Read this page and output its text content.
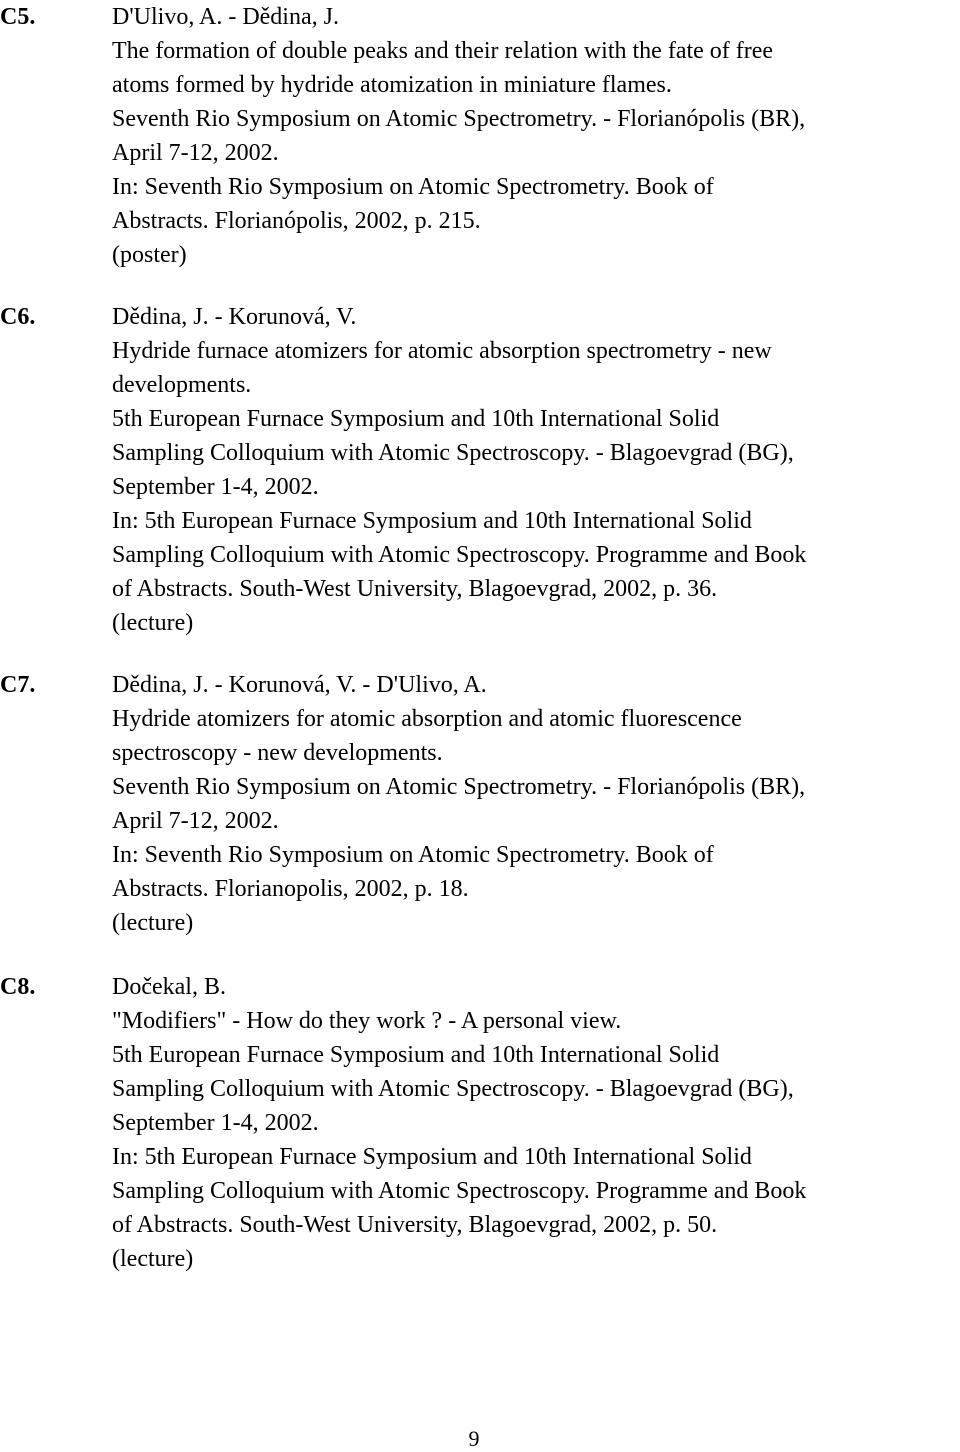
C5.	D'Ulivo, A. - Dědina, J.
The formation of double peaks and their relation with the fate of free
atoms formed by hydride atomization in miniature flames.
Seventh Rio Symposium on Atomic Spectrometry. - Florianópolis (BR),
April 7-12, 2002.
In: Seventh Rio Symposium on Atomic Spectrometry. Book of
Abstracts. Florianópolis, 2002, p. 215.
(poster)

C6.	Dědina, J. - Korunová, V.
Hydride furnace atomizers for atomic absorption spectrometry - new
developments.
5th European Furnace Symposium and 10th International Solid
Sampling Colloquium with Atomic Spectroscopy. - Blagoevgrad (BG),
September 1-4, 2002.
In: 5th European Furnace Symposium and 10th International Solid
Sampling Colloquium with Atomic Spectroscopy. Programme and Book
of Abstracts. South-West University, Blagoevgrad, 2002, p. 36.
(lecture)

C7.	Dědina, J. - Korunová, V. - D'Ulivo, A.
Hydride atomizers for atomic absorption and atomic fluorescence
spectroscopy - new developments.
Seventh Rio Symposium on Atomic Spectrometry. - Florianópolis (BR),
April 7-12, 2002.
In: Seventh Rio Symposium on Atomic Spectrometry. Book of
Abstracts. Florianopolis, 2002, p. 18.
(lecture)

C8.	Dočekal, B.
"Modifiers" - How do they work ? - A personal view.
5th European Furnace Symposium and 10th International Solid
Sampling Colloquium with Atomic Spectroscopy. - Blagoevgrad (BG),
September 1-4, 2002.
In: 5th European Furnace Symposium and 10th International Solid
Sampling Colloquium with Atomic Spectroscopy. Programme and Book
of Abstracts. South-West University, Blagoevgrad, 2002, p. 50.
(lecture)

9
